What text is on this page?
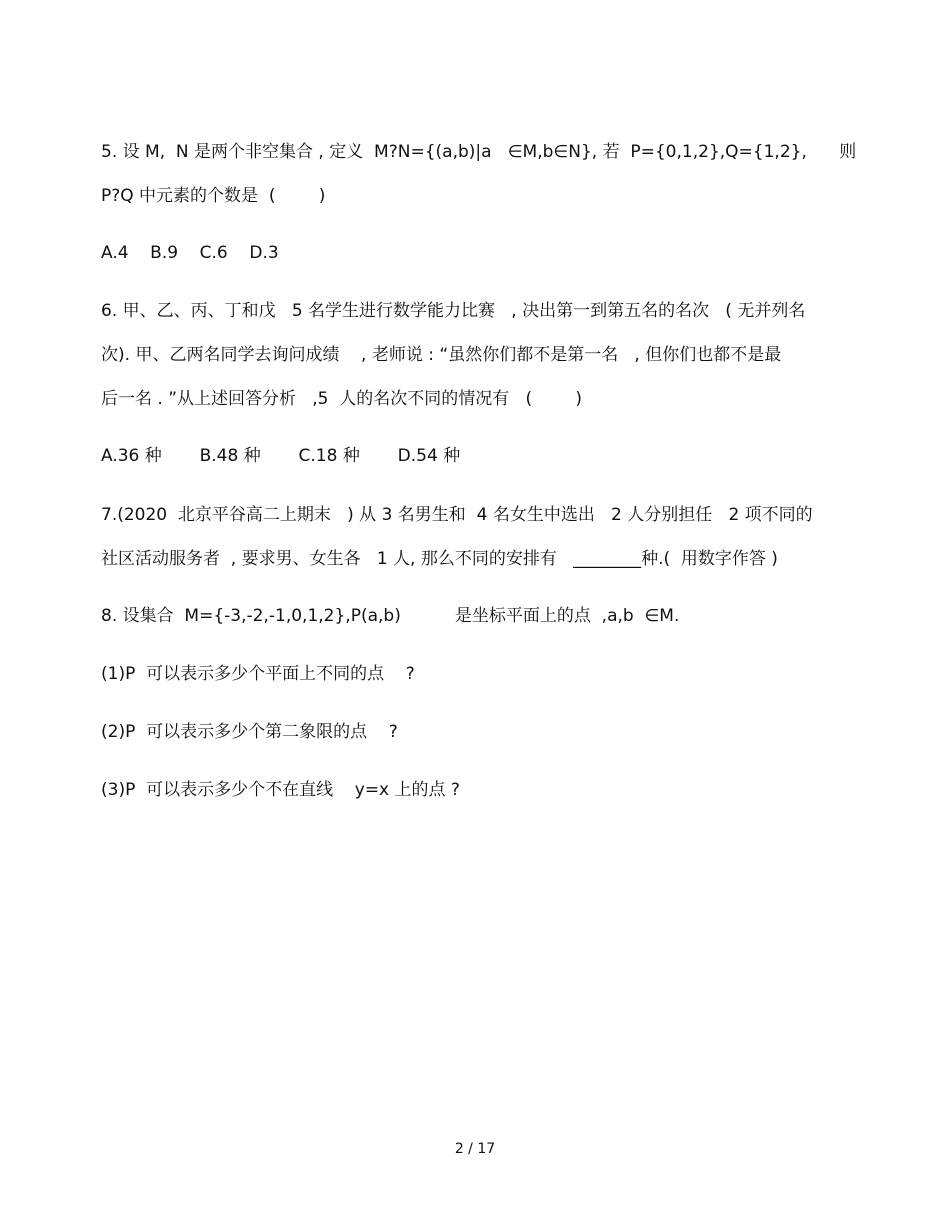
5. 设 M,  N 是两个非空集合 , 定义  M?N={(a,b)|a   ∈M,b∈N}, 若  P={0,1,2},Q={1,2},      则
P?Q 中元素的个数是  (        )
A.4    B.9    C.6    D.3
6. 甲、乙、丙、丁和戊   5 名学生进行数学能力比赛   , 决出第一到第五名的名次   ( 无并列名
次). 甲、乙两名同学去询问成绩    , 老师说 : “虽然你们都不是第一名   , 但你们也都不是最
后一名 . ”从上述回答分析   ,5  人的名次不同的情况有   (        )
A.36 种       B.48 种       C.18 种       D.54 种
7.(2020  北京平谷高二上期末   ) 从 3 名男生和  4 名女生中选出   2 人分别担任   2 项不同的
社区活动服务者  , 要求男、女生各   1 人, 那么不同的安排有   ________种.(  用数字作答 )
8. 设集合  M={-3,-2,-1,0,1,2},P(a,b)          是坐标平面上的点  ,a,b  ∈M.
(1)P  可以表示多少个平面上不同的点    ?
(2)P  可以表示多少个第二象限的点    ?
(3)P  可以表示多少个不在直线    y=x 上的点 ?
2 / 17
